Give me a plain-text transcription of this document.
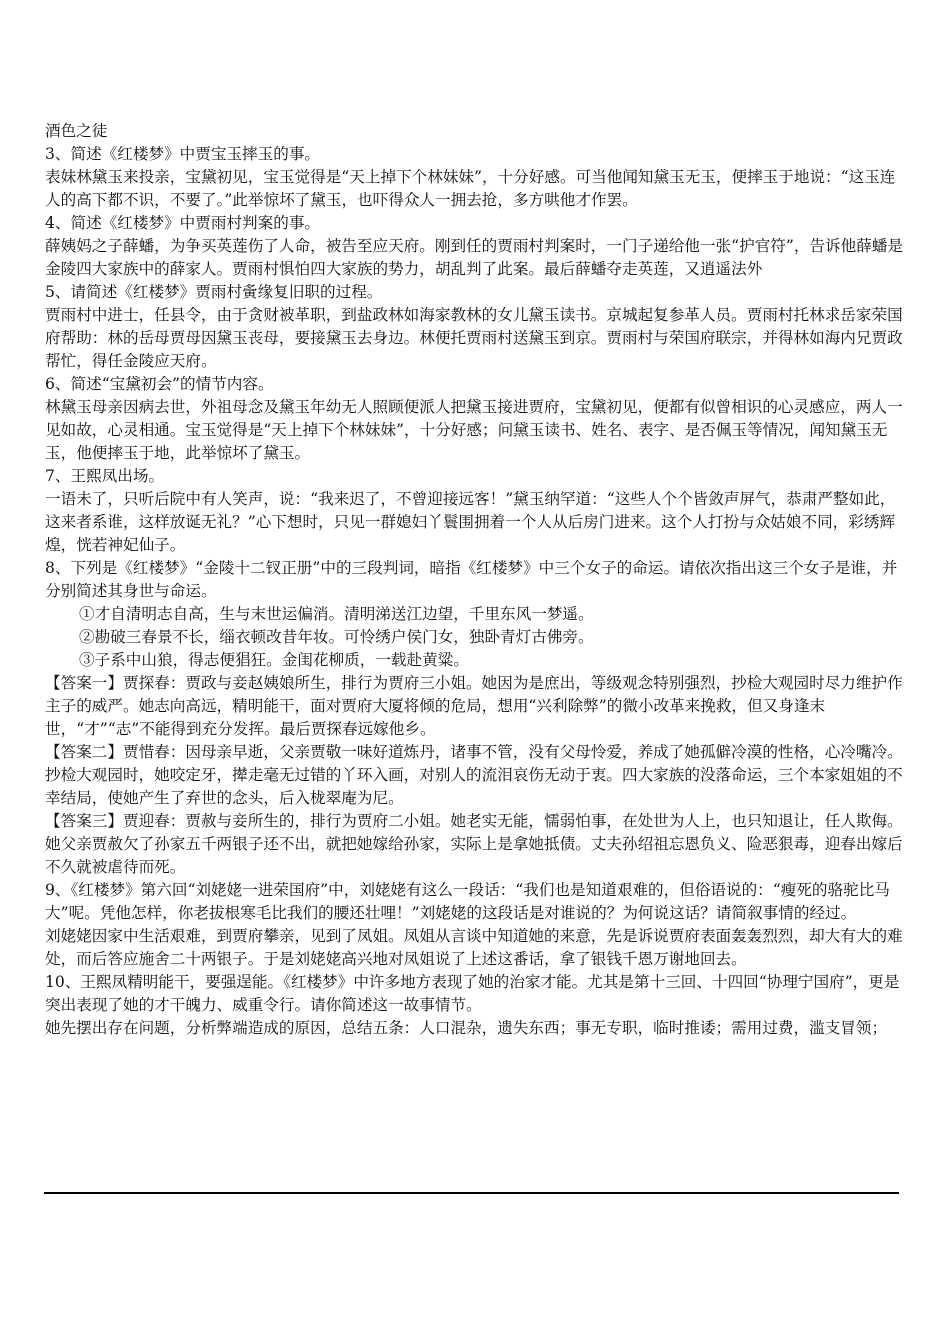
酒色之徒

3、简述《红楼梦》中贾宝玉摔玉的事。

表妹林黛玉来投亲，宝黛初见，宝玉觉得是“天上掉下个林妹妹”，十分好感。可当他闻知黛玉无玉，便摔玉于地说：“这玉连人的高下都不识，不要了。”此举惊坏了黛玉，也吓得众人一拥去抢，多方哄他才作罢。

4、简述《红楼梦》中贾雨村判案的事。

薛姨妈之子薛蟠，为争买英莲伤了人命，被告至应天府。刚到任的贾雨村判案时，一门子递给他一张“护官符”，告诉他薛蟠是金陵四大家族中的薛家人。贾雨村惧怕四大家族的势力，胡乱判了此案。最后薛蟠夺走英莲，又逍遥法外

5、请简述《红楼梦》贾雨村夤缘复旧职的过程。

贾雨村中进士，任县令，由于贪财被革职，到盐政林如海家教林的女儿黛玉读书。京城起复参革人员。贾雨村托林求岳家荣国府帮助：林的岳母贾母因黛玉丧母，要接黛玉去身边。林便托贾雨村送黛玉到京。贾雨村与荣国府联宗，并得林如海内兄贾政帮忙，得任金陵应天府。

6、简述“宝黛初会”的情节内容。

林黛玉母亲因病去世，外祖母念及黛玉年幼无人照顾便派人把黛玉接进贾府，宝黛初见，便都有似曾相识的心灵感应，两人一见如故，心灵相通。宝玉觉得是“天上掉下个林妹妹”，十分好感；问黛玉读书、姓名、表字、是否佩玉等情况，闻知黛玉无玉，他便摔玉于地，此举惊坏了黛玉。

7、王熙凤出场。

一语未了，只听后院中有人笑声，说：“我来迟了，不曾迎接远客！”黛玉纳罕道：“这些人个个皆敛声屏气，恭肃严整如此，这来者系谁，这样放诞无礼？”心下想时，只见一群媳妇丫鬟围拥着一个人从后房门进来。这个人打扮与众姑娘不同，彩绣辉煌，恍若神妃仙子。

8、下列是《红楼梦》“金陵十二钗正册”中的三段判词，暗指《红楼梦》中三个女子的命运。请依次指出这三个女子是谁，并分别简述其身世与命运。

①才自清明志自高，生与末世运偏消。清明涕送江边望，千里东风一梦遥。

②勘破三春景不长，缁衣顿改昔年妆。可怜绣户侯门女，独卧青灯古佛旁。

③子系中山狼，得志便猖狂。金闺花柳质，一载赴黄粱。

【答案一】贾探春：贾政与妾赵姨娘所生，排行为贾府三小姐。她因为是庶出，等级观念特别强烈，抄检大观园时尽力维护作主子的威严。她志向高远，精明能干，面对贾府大厦将倾的危局，想用“兴利除弊”的微小改革来挽救，但又身逢末世，“才”“志”不能得到充分发挥。最后贾探春远嫁他乡。

【答案二】贾惜春：因母亲早逝，父亲贾敬一味好道炼丹，诸事不管，没有父母怜爱，养成了她孤僻冷漠的性格，心冷嘴冷。抄检大观园时，她咬定牙，撵走毫无过错的丫环入画，对别人的流泪哀伤无动于衷。四大家族的没落命运，三个本家姐姐的不幸结局，使她产生了弃世的念头，后入栊翠庵为尼。

【答案三】贾迎春：贾赦与妾所生的，排行为贾府二小姐。她老实无能，懦弱怕事，在处世为人上，也只知退让，任人欺侮。她父亲贾赦欠了孙家五千两银子还不出，就把她嫁给孙家，实际上是拿她抵债。丈夫孙绍祖忘恩负义、险恶狠毒，迎春出嫁后不久就被虐待而死。

9、《红楼梦》第六回“刘姥姥一进荣国府”中，刘姥姥有这么一段话：“我们也是知道艰难的，但俗语说的：“瘦死的骆驼比马大”呢。凭他怎样，你老拔根寒毛比我们的腰还壮哩！”刘姥姥的这段话是对谁说的？为何说这话？请简叙事情的经过。

刘姥姥因家中生活艰难，到贾府攀亲，见到了凤姐。凤姐从言谈中知道她的来意，先是诉说贾府表面轰轰烈烈，却大有大的难处，而后答应施舍二十两银子。于是刘姥姥高兴地对凤姐说了上述这番话，拿了银钱千恩万谢地回去。

10、王熙凤精明能干，要强逞能。《红楼梦》中许多地方表现了她的治家才能。尤其是第十三回、十四回“协理宁国府”，更是突出表现了她的才干魄力、威重令行。请你简述这一故事情节。

她先摆出存在问题，分析弊端造成的原因，总结五条：人口混杂，遗失东西；事无专职，临时推诿；需用过费，滥支冒领；
